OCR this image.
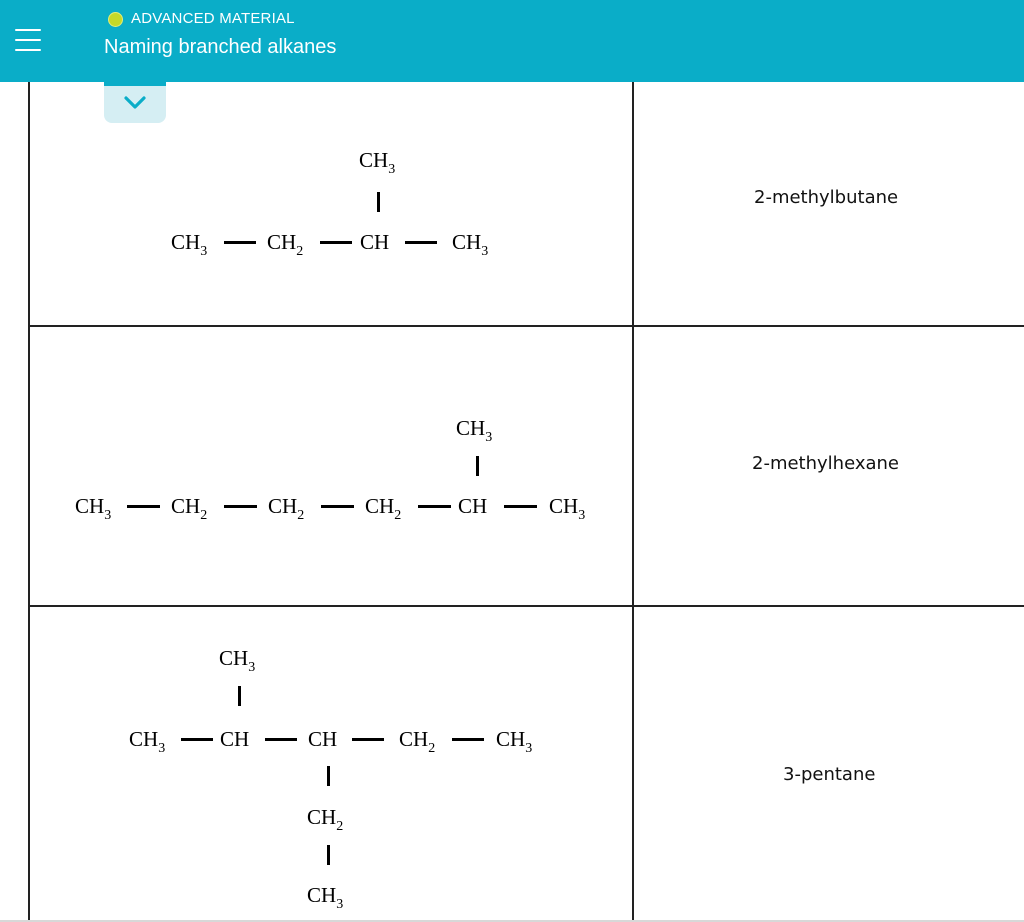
ADVANCED MATERIAL
Naming branched alkanes
$CH_3$
$CH_3$	$CH_2$	CH	$CH_3$
2-methylbutane
$CH_3$
$CH_3$	$CH_2$	$CH_2$	$CH_2$	CH	$CH_3$
2-methylhexane
$CH_3$
$CH_3$	CH	CH	$CH_2$	$CH_3$
$CH_2$
$CH_3$
3-pentane
